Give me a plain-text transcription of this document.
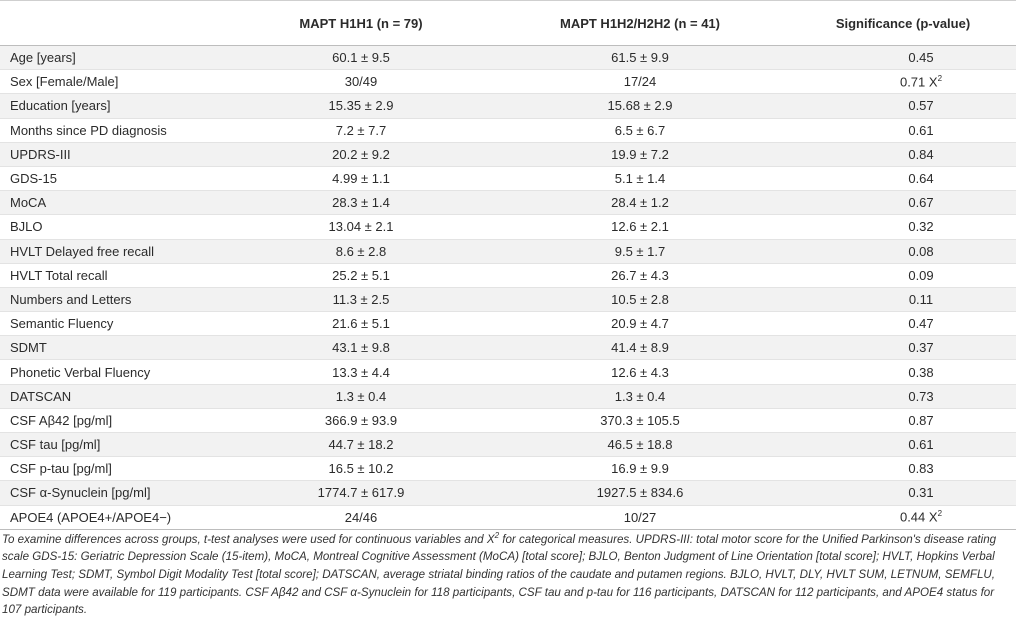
	MAPT H1H1 (n = 79)	MAPT H1H2/H2H2 (n = 41)	Significance (p-value)
Age [years]	60.1 ± 9.5	61.5 ± 9.9	0.45
Sex [Female/Male]	30/49	17/24	0.71 $X^2$
Education [years]	15.35 ± 2.9	15.68 ± 2.9	0.57
Months since PD diagnosis	7.2 ± 7.7	6.5 ± 6.7	0.61
UPDRS-III	20.2 ± 9.2	19.9 ± 7.2	0.84
GDS-15	4.99 ± 1.1	5.1 ± 1.4	0.64
MoCA	28.3 ± 1.4	28.4 ± 1.2	0.67
BJLO	13.04 ± 2.1	12.6 ± 2.1	0.32
HVLT Delayed free recall	8.6 ± 2.8	9.5 ± 1.7	0.08
HVLT Total recall	25.2 ± 5.1	26.7 ± 4.3	0.09
Numbers and Letters	11.3 ± 2.5	10.5 ± 2.8	0.11
Semantic Fluency	21.6 ± 5.1	20.9 ± 4.7	0.47
SDMT	43.1 ± 9.8	41.4 ± 8.9	0.37
Phonetic Verbal Fluency	13.3 ± 4.4	12.6 ± 4.3	0.38
DATSCAN	1.3 ± 0.4	1.3 ± 0.4	0.73
CSF Aβ42 [pg/ml]	366.9 ± 93.9	370.3 ± 105.5	0.87
CSF tau [pg/ml]	44.7 ± 18.2	46.5 ± 18.8	0.61
CSF p-tau [pg/ml]	16.5 ± 10.2	16.9 ± 9.9	0.83
CSF α-Synuclein [pg/ml]	1774.7 ± 617.9	1927.5 ± 834.6	0.31
APOE4 (APOE4+/APOE4−)	24/46	10/27	0.44 $X^2$

To examine differences across groups, t-test analyses were used for continuous variables and $X^2$ for categorical measures. UPDRS-III: total motor score for the Unified Parkinson's disease rating scale GDS-15: Geriatric Depression Scale (15-item), MoCA, Montreal Cognitive Assessment (MoCA) [total score]; BJLO, Benton Judgment of Line Orientation [total score]; HVLT, Hopkins Verbal Learning Test; SDMT, Symbol Digit Modality Test [total score]; DATSCAN, average striatal binding ratios of the caudate and putamen regions. BJLO, HVLT, DLY, HVLT SUM, LETNUM, SEMFLU, SDMT data were available for 119 participants. CSF Aβ42 and CSF α-Synuclein for 118 participants, CSF tau and p-tau for 116 participants, DATSCAN for 112 participants, and APOE4 status for 107 participants.
